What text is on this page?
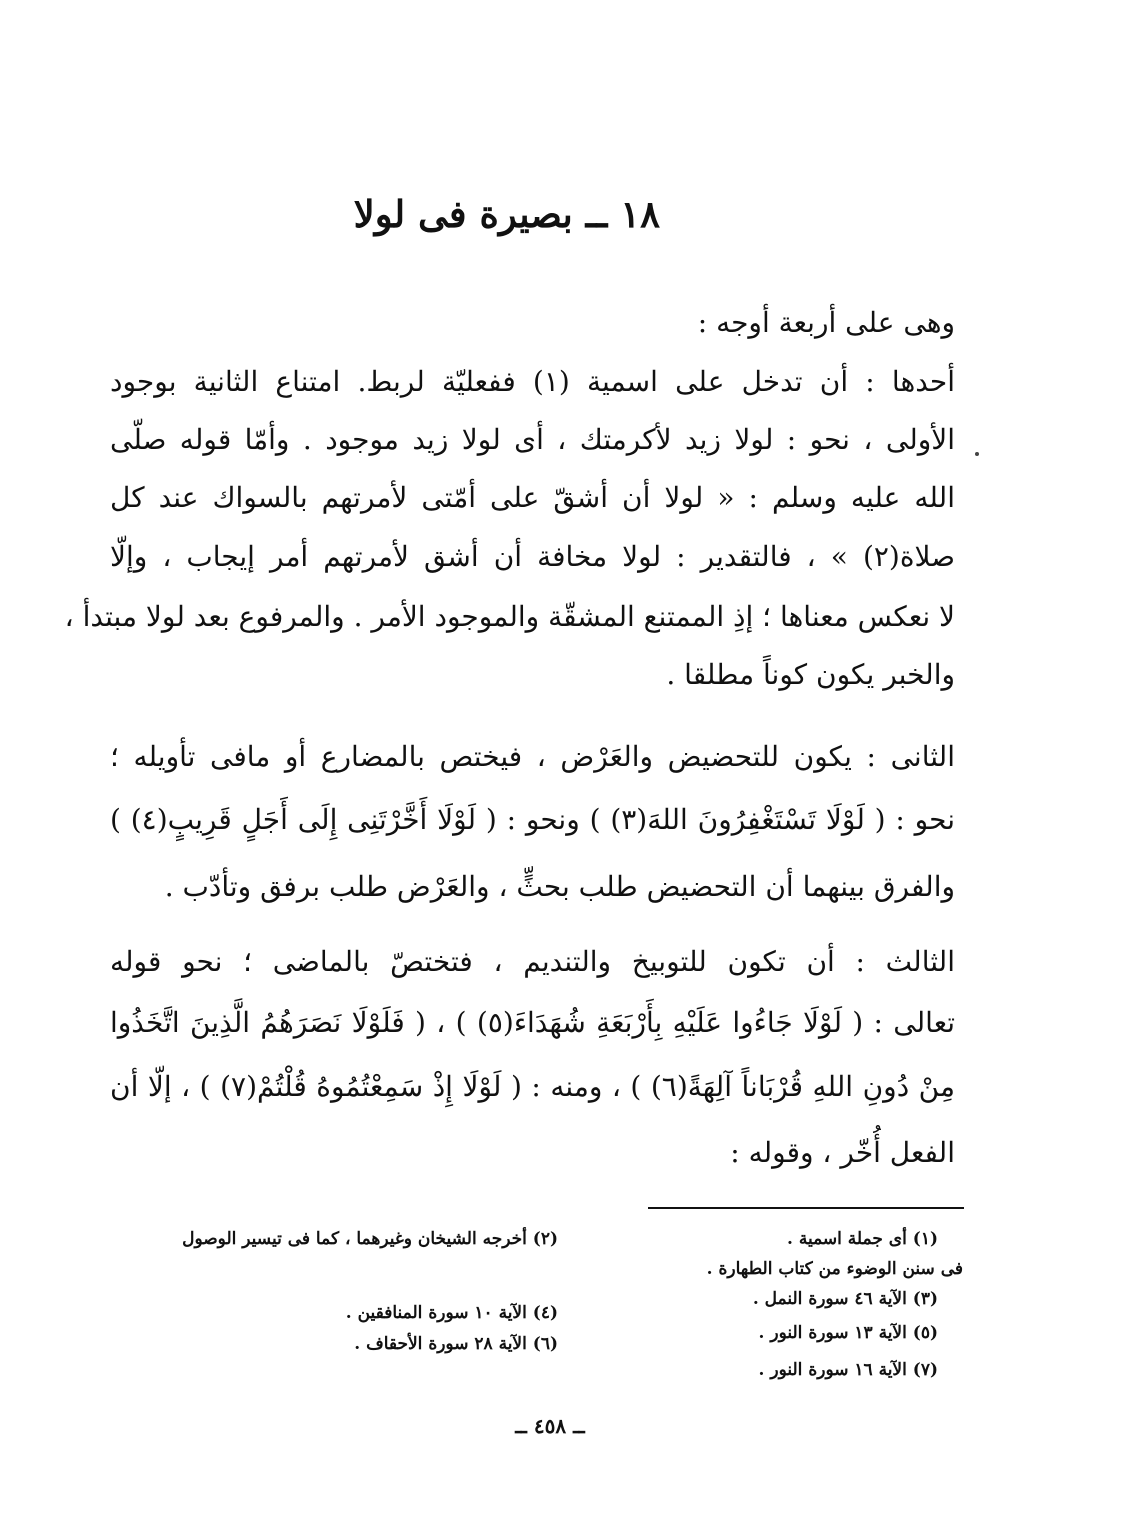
١٨ ــ بصيرة فى لولا
وهى على أربعة أوجه :
أحدها : أن تدخل على اسمية (١) ففعليّة لربط. امتناع الثانية بوجود
الأولى ، نحو : لولا زيد لأكرمتك ، أى لولا زيد موجود . وأمّا قوله صلّى
الله عليه وسلم : « لولا أن أشقّ على أمّتى لأمرتهم بالسواك عند كل
صلاة(٢) » ، فالتقدير : لولا مخافة أن أشق لأمرتهم أمر إيجاب ، وإلّا
لا نعكس معناها ؛ إذِ الممتنع المشقّة والموجود الأمر . والمرفوع بعد لولا مبتدأ ،
والخبر يكون كوناً مطلقا .
الثانى : يكون للتحضيض والعَرْض ، فيختص بالمضارع أو مافى تأويله ؛
نحو : ( لَوْلَا تَسْتَغْفِرُونَ اللهَ(٣) ) ونحو : ( لَوْلَا أَخَّرْتَنِى إِلَى أَجَلٍ قَرِيبٍ(٤) )
والفرق بينهما أن التحضيض طلب بحثٍّ ، والعَرْض طلب برفق وتأدّب .
الثالث : أن تكون للتوبيخ والتنديم ، فتختصّ بالماضى ؛ نحو قوله
تعالى : ( لَوْلَا جَاءُوا عَلَيْهِ بِأَرْبَعَةِ شُهَدَاءَ(٥) ) ، ( فَلَوْلَا نَصَرَهُمُ الَّذِينَ اتَّخَذُوا
مِنْ دُونِ اللهِ قُرْبَاناً آلِهَةً(٦) ) ، ومنه : ( لَوْلَا إِذْ سَمِعْتُمُوهُ قُلْتُمْ(٧) ) ، إلّا أن
الفعل أُخّر ، وقوله :
(١) أى جملة اسمية .
(٢) أخرجه الشيخان وغيرهما ، كما فى تيسير الوصول
فى سنن الوضوء من كتاب الطهارة .
(٣) الآية ٤٦ سورة النمل .
(٤) الآية ١٠ سورة المنافقين .
(٥) الآية ١٣ سورة النور .
(٦) الآية ٢٨ سورة الأحقاف .
(٧) الآية ١٦ سورة النور .
ــ ٤٥٨ ــ
